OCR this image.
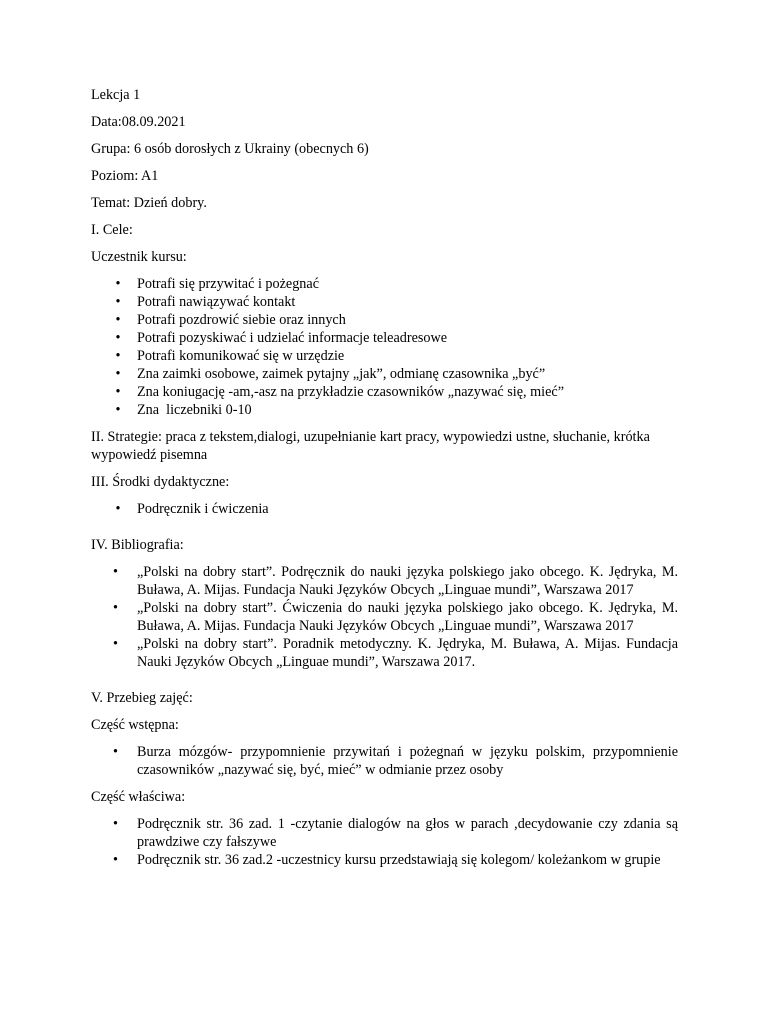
Lekcja 1

Data:08.09.2021

Grupa: 6 osób dorosłych z Ukrainy (obecnych 6)

Poziom: A1

Temat: Dzień dobry.

I. Cele:

Uczestnik kursu:

• Potrafi się przywitać i pożegnać
• Potrafi nawiązywać kontakt
• Potrafi pozdrowić siebie oraz innych
• Potrafi pozyskiwać i udzielać informacje teleadresowe
• Potrafi komunikować się w urzędzie
• Zna zaimki osobowe, zaimek pytajny „jak”, odmianę czasownika „być”
• Zna koniugację -am,-asz na przykładzie czasowników „nazywać się, mieć”
• Zna  liczebniki 0-10

II. Strategie: praca z tekstem,dialogi, uzupełnianie kart pracy, wypowiedzi ustne, słuchanie, krótka wypowiedź pisemna

III. Środki dydaktyczne:

• Podręcznik i ćwiczenia

IV. Bibliografia:

•	„Polski na dobry start”. Podręcznik do nauki języka polskiego jako obcego. K. Jędryka, M. Buława, A. Mijas. Fundacja Nauki Języków Obcych „Linguae mundi”, Warszawa 2017
•	„Polski na dobry start”. Ćwiczenia do nauki języka polskiego jako obcego. K. Jędryka, M. Buława, A. Mijas. Fundacja Nauki Języków Obcych „Linguae mundi”, Warszawa 2017
•	„Polski na dobry start”. Poradnik metodyczny. K. Jędryka, M. Buława, A. Mijas. Fundacja Nauki Języków Obcych „Linguae mundi”, Warszawa 2017.

V. Przebieg zajęć:

Część wstępna:

•	Burza mózgów- przypomnienie przywitań i pożegnań w języku polskim, przypomnienie czasowników „nazywać się, być, mieć” w odmianie przez osoby

Część właściwa:

•	Podręcznik str. 36 zad. 1 -czytanie dialogów na głos w parach ,decydowanie czy zdania są prawdziwe czy fałszywe
•	Podręcznik str. 36 zad.2 -uczestnicy kursu przedstawiają się kolegom/ koleżankom w grupie
